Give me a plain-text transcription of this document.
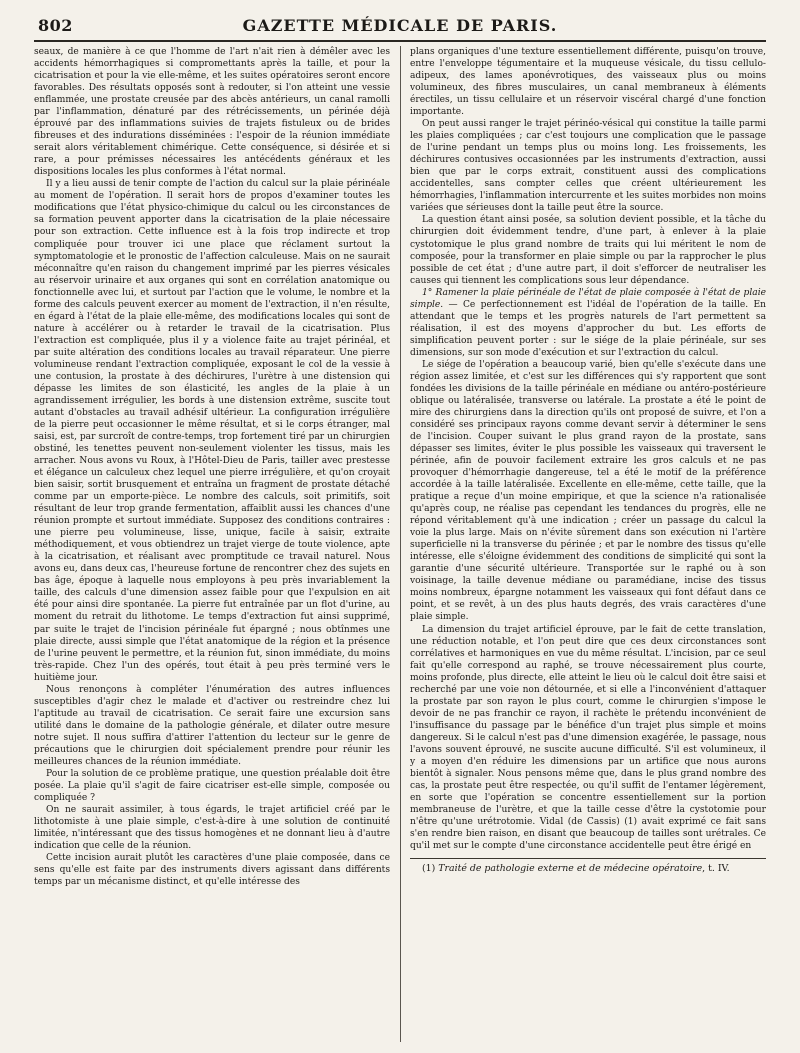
802	GAZETTE MÉDICALE DE PARIS.

seaux, de manière à ce que l'homme de l'art n'ait rien à démêler avec les accidents hémorrhagiques si compromettants après la taille, et pour la cicatrisation et pour la vie elle-même, et les suites opératoires seront encore favorables. Des résultats opposés sont à redouter, si l'on atteint une vessie enflammée, une prostate creusée par des abcès antérieurs, un canal ramolli par l'inflammation, dénaturé par des rétrécissements, un périnée déjà éprouvé par des inflammations suivies de trajets fistuleux ou de brides fibreuses et des indurations disséminées : l'espoir de la réunion immédiate serait alors véritablement chimérique. Cette conséquence, si désirée et si rare, a pour prémisses nécessaires les antécédents généraux et les dispositions locales les plus conformes à l'état normal.

Il y a lieu aussi de tenir compte de l'action du calcul sur la plaie périnéale au moment de l'opération. Il serait hors de propos d'examiner toutes les modifications que l'état physico-chimique du calcul ou les circonstances de sa formation peuvent apporter dans la cicatrisation de la plaie nécessaire pour son extraction. Cette influence est à la fois trop indirecte et trop compliquée pour trouver ici une place que réclament surtout la symptomatologie et le pronostic de l'affection calculeuse. Mais on ne saurait méconnaître qu'en raison du changement imprimé par les pierres vésicales au réservoir urinaire et aux organes qui sont en corrélation anatomique ou fonctionnelle avec lui, et surtout par l'action que le volume, le nombre et la forme des calculs peuvent exercer au moment de l'extraction, il n'en résulte, en égard à l'état de la plaie elle-même, des modifications locales qui sont de nature à accélérer ou à retarder le travail de la cicatrisation. Plus l'extraction est compliquée, plus il y a violence faite au trajet périnéal, et par suite altération des conditions locales au travail réparateur. Une pierre volumineuse rendant l'extraction compliquée, exposant le col de la vessie à une contusion, la prostate à des déchirures, l'urètre à une distension qui dépasse les limites de son élasticité, les angles de la plaie à un agrandissement irrégulier, les bords à une distension extrême, suscite tout autant d'obstacles au travail adhésif ultérieur. La configuration irrégulière de la pierre peut occasionner le même résultat, et si le corps étranger, mal saisi, est, par surcroît de contre-temps, trop fortement tiré par un chirurgien obstiné, les tenettes peuvent non-seulement violenter les tissus, mais les arracher. Nous avons vu Roux, à l'Hôtel-Dieu de Paris, tailler avec prestesse et élégance un calculeux chez lequel une pierre irrégulière, et qu'on croyait bien saisir, sortit brusquement et entraîna un fragment de prostate détaché comme par un emporte-pièce. Le nombre des calculs, soit primitifs, soit résultant de leur trop grande fermentation, affaiblit aussi les chances d'une réunion prompte et surtout immédiate. Supposez des conditions contraires : une pierre peu volumineuse, lisse, unique, facile à saisir, extraite méthodiquement, et vous obtiendrez un trajet vierge de toute violence, apte à la cicatrisation, et réalisant avec promptitude ce travail naturel. Nous avons eu, dans deux cas, l'heureuse fortune de rencontrer chez des sujets en bas âge, époque à laquelle nous employons à peu près invariablement la taille, des calculs d'une dimension assez faible pour que l'expulsion en ait été pour ainsi dire spontanée. La pierre fut entraînée par un flot d'urine, au moment du retrait du lithotome. Le temps d'extraction fut ainsi supprimé, par suite le trajet de l'incision périnéale fut épargné ; nous obtînmes une plaie directe, aussi simple que l'état anatomique de la région et la présence de l'urine peuvent le permettre, et la réunion fut, sinon immédiate, du moins très-rapide. Chez l'un des opérés, tout était à peu près terminé vers le huitième jour.

Nous renonçons à compléter l'énumération des autres influences susceptibles d'agir chez le malade et d'activer ou restreindre chez lui l'aptitude au travail de cicatrisation. Ce serait faire une excursion sans utilité dans le domaine de la pathologie générale, et dilater outre mesure notre sujet. Il nous suffira d'attirer l'attention du lecteur sur le genre de précautions que le chirurgien doit spécialement prendre pour réunir les meilleures chances de la réunion immédiate.

Pour la solution de ce problème pratique, une question préalable doit être posée. La plaie qu'il s'agit de faire cicatriser est-elle simple, composée ou compliquée ?

On ne saurait assimiler, à tous égards, le trajet artificiel créé par le lithotomiste à une plaie simple, c'est-à-dire à une solution de continuité limitée, n'intéressant que des tissus homogènes et ne donnant lieu à d'autre indication que celle de la réunion.

Cette incision aurait plutôt les caractères d'une plaie composée, dans ce sens qu'elle est faite par des instruments divers agissant dans différents temps par un mécanisme distinct, et qu'elle intéresse des

plans organiques d'une texture essentiellement différente, puisqu'on trouve, entre l'enveloppe tégumentaire et la muqueuse vésicale, du tissu cellulo-adipeux, des lames aponévrotiques, des vaisseaux plus ou moins volumineux, des fibres musculaires, un canal membraneux à éléments érectiles, un tissu cellulaire et un réservoir viscéral chargé d'une fonction importante.

On peut aussi ranger le trajet périnéo-vésical qui constitue la taille parmi les plaies compliquées ; car c'est toujours une complication que le passage de l'urine pendant un temps plus ou moins long. Les froissements, les déchirures contusives occasionnées par les instruments d'extraction, aussi bien que par le corps extrait, constituent aussi des complications accidentelles, sans compter celles que créent ultérieurement les hémorrhagies, l'inflammation intercurrente et les suites morbides non moins variées que sérieuses dont la taille peut être la source.

La question étant ainsi posée, sa solution devient possible, et la tâche du chirurgien doit évidemment tendre, d'une part, à enlever à la plaie cystotomique le plus grand nombre de traits qui lui méritent le nom de composée, pour la transformer en plaie simple ou par la rapprocher le plus possible de cet état ; d'une autre part, il doit s'efforcer de neutraliser les causes qui tiennent les complications sous leur dépendance.

1° Ramener la plaie périnéale de l'état de plaie composée à l'état de plaie simple. — Ce perfectionnement est l'idéal de l'opération de la taille. En attendant que le temps et les progrès naturels de l'art permettent sa réalisation, il est des moyens d'approcher du but. Les efforts de simplification peuvent porter : sur le siége de la plaie périnéale, sur ses dimensions, sur son mode d'exécution et sur l'extraction du calcul.

Le siége de l'opération a beaucoup varié, bien qu'elle s'exécute dans une région assez limitée, et c'est sur les différences qui s'y rapportent que sont fondées les divisions de la taille périnéale en médiane ou antéro-postérieure oblique ou latéralisée, transverse ou latérale. La prostate a été le point de mire des chirurgiens dans la direction qu'ils ont proposé de suivre, et l'on a considéré ses principaux rayons comme devant servir à déterminer le sens de l'incision. Couper suivant le plus grand rayon de la prostate, sans dépasser ses limites, éviter le plus possible les vaisseaux qui traversent le périnée, afin de pouvoir facilement extraire les gros calculs et ne pas provoquer d'hémorrhagie dangereuse, tel a été le motif de la préférence accordée à la taille latéralisée. Excellente en elle-même, cette taille, que la pratique a reçue d'un moine empirique, et que la science n'a rationalisée qu'après coup, ne réalise pas cependant les tendances du progrès, elle ne répond véritablement qu'à une indication ; créer un passage du calcul la voie la plus large. Mais on n'évite sûrement dans son exécution ni l'artère superficielle ni la transverse du périnée ; et par le nombre des tissus qu'elle intéresse, elle s'éloigne évidemment des conditions de simplicité qui sont la garantie d'une sécurité ultérieure. Transportée sur le raphé ou à son voisinage, la taille devenue médiane ou paramédiane, incise des tissus moins nombreux, épargne notamment les vaisseaux qui font défaut dans ce point, et se revêt, à un des plus hauts degrés, des vrais caractères d'une plaie simple.

La dimension du trajet artificiel éprouve, par le fait de cette translation, une réduction notable, et l'on peut dire que ces deux circonstances sont corrélatives et harmoniques en vue du même résultat. L'incision, par ce seul fait qu'elle correspond au raphé, se trouve nécessairement plus courte, moins profonde, plus directe, elle atteint le lieu où le calcul doit être saisi et recherché par une voie non détournée, et si elle a l'inconvénient d'attaquer la prostate par son rayon le plus court, comme le chirurgien s'impose le devoir de ne pas franchir ce rayon, il rachète le prétendu inconvénient de l'insuffisance du passage par le bénéfice d'un trajet plus simple et moins dangereux. Si le calcul n'est pas d'une dimension exagérée, le passage, nous l'avons souvent éprouvé, ne suscite aucune difficulté. S'il est volumineux, il y a moyen d'en réduire les dimensions par un artifice que nous aurons bientôt à signaler. Nous pensons même que, dans le plus grand nombre des cas, la prostate peut être respectée, ou qu'il suffit de l'entamer légèrement, en sorte que l'opération se concentre essentiellement sur la portion membraneuse de l'urètre, et que la taille cesse d'être la cystotomie pour n'être qu'une urétrotomie. Vidal (de Cassis) (1) avait exprimé ce fait sans s'en rendre bien raison, en disant que beaucoup de tailles sont urétrales. Ce qu'il met sur le compte d'une circonstance accidentelle peut être érigé en

(1) Traité de pathologie externe et de médecine opératoire, t. IV.
